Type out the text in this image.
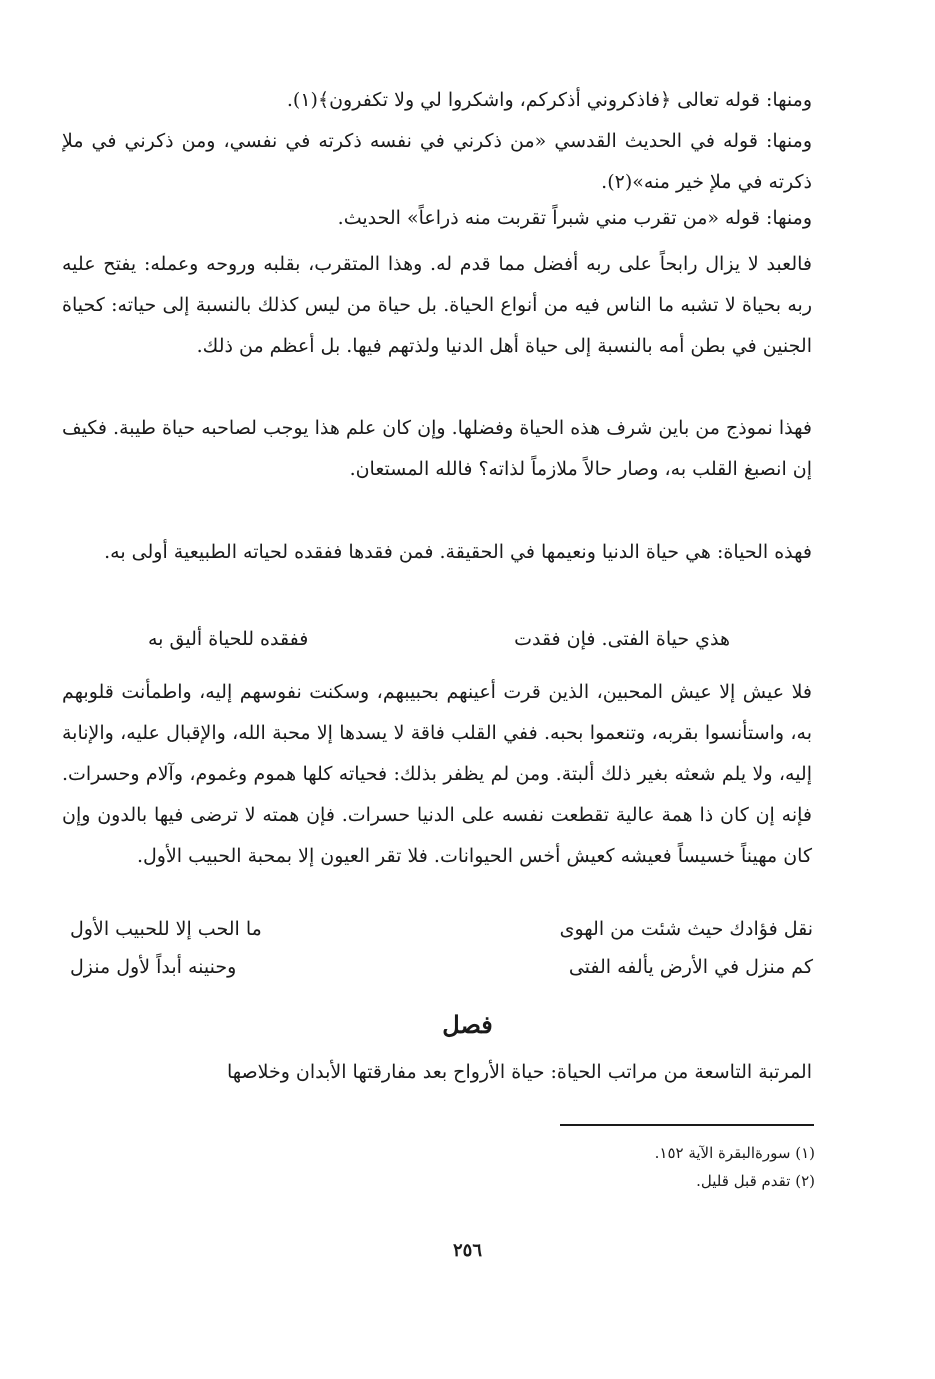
ومنها: قوله تعالى ﴿فاذكروني أذكركم، واشكروا لي ولا تكفرون﴾(١).
ومنها: قوله في الحديث القدسي «من ذكرني في نفسه ذكرته في نفسي، ومن ذكرني في ملإ ذكرته في ملإ خير منه»(٢).
ومنها: قوله «من تقرب مني شبراً تقربت منه ذراعاً» الحديث.
فالعبد لا يزال رابحاً على ربه أفضل مما قدم له. وهذا المتقرب، بقلبه وروحه وعمله: يفتح عليه ربه بحياة لا تشبه ما الناس فيه من أنواع الحياة. بل حياة من ليس كذلك بالنسبة إلى حياته: كحياة الجنين في بطن أمه بالنسبة إلى حياة أهل الدنيا ولذتهم فيها. بل أعظم من ذلك.
فهذا نموذج من باين شرف هذه الحياة وفضلها. وإن كان علم هذا يوجب لصاحبه حياة طيبة. فكيف إن انصبغ القلب به، وصار حالاً ملازماً لذاته؟ فالله المستعان.
فهذه الحياة: هي حياة الدنيا ونعيمها في الحقيقة. فمن فقدها ففقده لحياته الطبيعية أولى به.
هذي حياة الفتى. فإن فقدت
ففقده للحياة أليق به
فلا عيش إلا عيش المحبين، الذين قرت أعينهم بحبيبهم، وسكنت نفوسهم إليه، واطمأنت قلوبهم به، واستأنسوا بقربه، وتنعموا بحبه. ففي القلب فاقة لا يسدها إلا محبة الله، والإقبال عليه، والإنابة إليه، ولا يلم شعثه بغير ذلك ألبتة. ومن لم يظفر بذلك: فحياته كلها هموم وغموم، وآلام وحسرات. فإنه إن كان ذا همة عالية تقطعت نفسه على الدنيا حسرات. فإن همته لا ترضى فيها بالدون وإن كان مهيناً خسيساً فعيشه كعيش أخس الحيوانات. فلا تقر العيون إلا بمحبة الحبيب الأول.
نقل فؤادك حيث شئت من الهوى
ما الحب إلا للحبيب الأول
كم منزل في الأرض يألفه الفتى
وحنينه أبداً لأول منزل
فصل
المرتبة التاسعة من مراتب الحياة: حياة الأرواح بعد مفارقتها الأبدان وخلاصها
(١) سورةالبقرة الآية ١٥٢.
(٢) تقدم قبل قليل.
٢٥٦
